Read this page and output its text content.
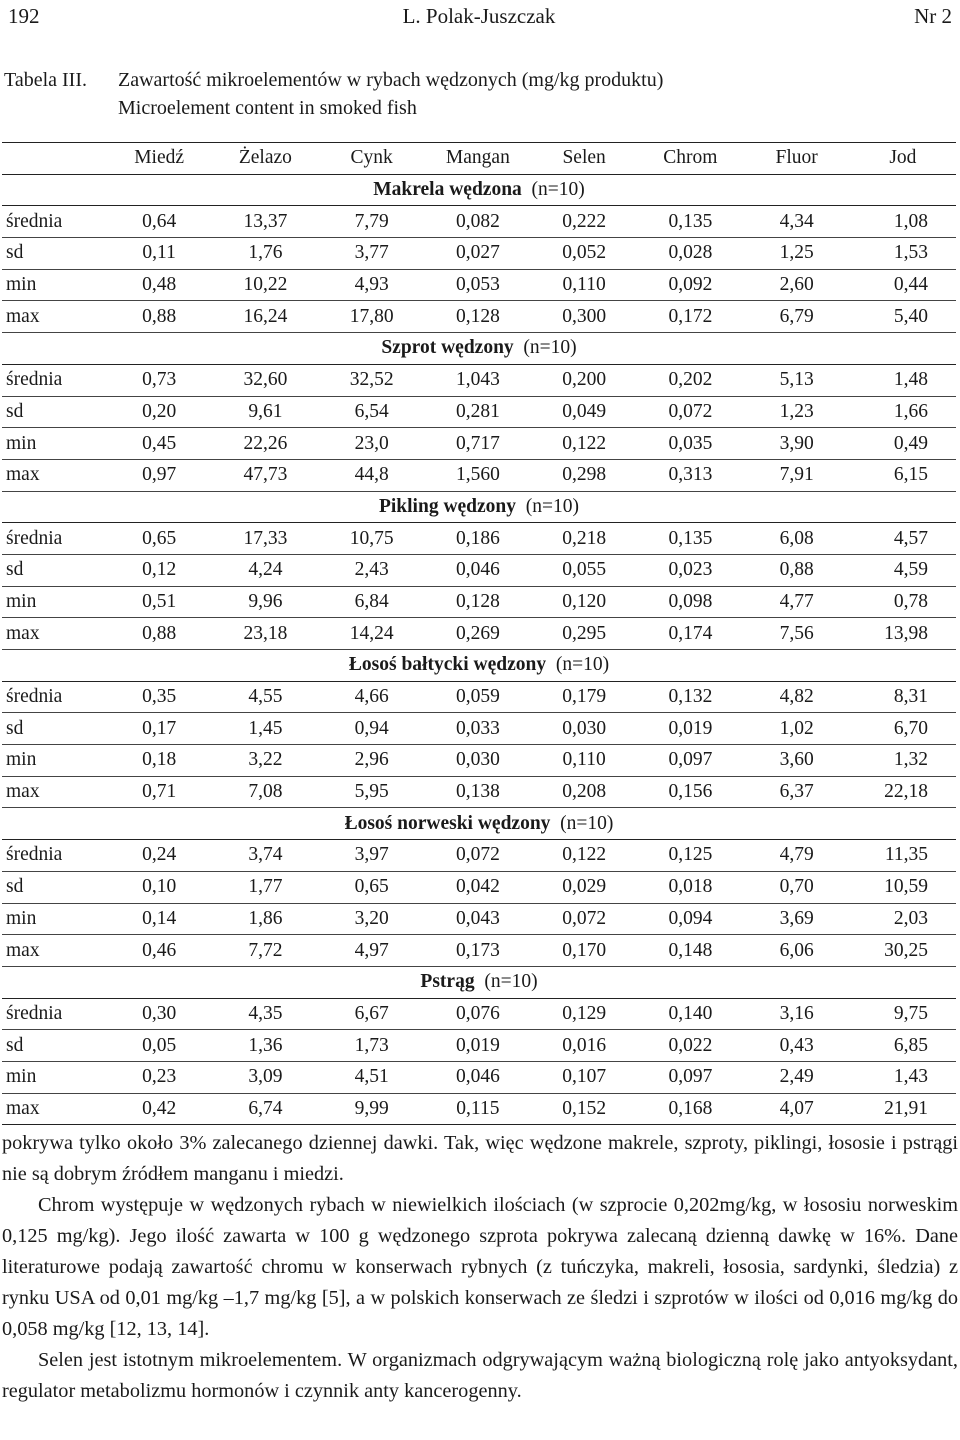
192	L. Polak-Juszczak	Nr 2
Tabela III. Zawartość mikroelementów w rybach wędzonych (mg/kg produktu)
Microelement content in smoked fish
	Miedź	Żelazo	Cynk	Mangan	Selen	Chrom	Fluor	Jod
Makrela wędzona (n=10)								
średnia	0,64	13,37	7,79	0,082	0,222	0,135	4,34	1,08
sd	0,11	1,76	3,77	0,027	0,052	0,028	1,25	1,53
min	0,48	10,22	4,93	0,053	0,110	0,092	2,60	0,44
max	0,88	16,24	17,80	0,128	0,300	0,172	6,79	5,40
Szprot wędzony (n=10)								
średnia	0,73	32,60	32,52	1,043	0,200	0,202	5,13	1,48
sd	0,20	9,61	6,54	0,281	0,049	0,072	1,23	1,66
min	0,45	22,26	23,0	0,717	0,122	0,035	3,90	0,49
max	0,97	47,73	44,8	1,560	0,298	0,313	7,91	6,15
Pikling wędzony (n=10)								
średnia	0,65	17,33	10,75	0,186	0,218	0,135	6,08	4,57
sd	0,12	4,24	2,43	0,046	0,055	0,023	0,88	4,59
min	0,51	9,96	6,84	0,128	0,120	0,098	4,77	0,78
max	0,88	23,18	14,24	0,269	0,295	0,174	7,56	13,98
Łosoś bałtycki wędzony (n=10)								
średnia	0,35	4,55	4,66	0,059	0,179	0,132	4,82	8,31
sd	0,17	1,45	0,94	0,033	0,030	0,019	1,02	6,70
min	0,18	3,22	2,96	0,030	0,110	0,097	3,60	1,32
max	0,71	7,08	5,95	0,138	0,208	0,156	6,37	22,18
Łosoś norweski wędzony (n=10)								
średnia	0,24	3,74	3,97	0,072	0,122	0,125	4,79	11,35
sd	0,10	1,77	0,65	0,042	0,029	0,018	0,70	10,59
min	0,14	1,86	3,20	0,043	0,072	0,094	3,69	2,03
max	0,46	7,72	4,97	0,173	0,170	0,148	6,06	30,25
Pstrąg (n=10)								
średnia	0,30	4,35	6,67	0,076	0,129	0,140	3,16	9,75
sd	0,05	1,36	1,73	0,019	0,016	0,022	0,43	6,85
min	0,23	3,09	4,51	0,046	0,107	0,097	2,49	1,43
max	0,42	6,74	9,99	0,115	0,152	0,168	4,07	21,91

pokrywa tylko około 3% zalecanego dziennej dawki. Tak, więc wędzone makrele, szproty, piklingi, łososie i pstrągi nie są dobrym źródłem manganu i miedzi.

Chrom występuje w wędzonych rybach w niewielkich ilościach (w szprocie 0,202mg/kg, w łososiu norweskim 0,125 mg/kg). Jego ilość zawarta w 100 g wędzonego szprota pokrywa zalecaną dzienną dawkę w 16%. Dane literaturowe podają zawartość chromu w konserwach rybnych (z tuńczyka, makreli, łososia, sardynki, śledzia) z rynku USA od 0,01 mg/kg –1,7 mg/kg [5], a w polskich konserwach ze śledzi i szprotów w ilości od 0,016 mg/kg do 0,058 mg/kg [12, 13, 14].

Selen jest istotnym mikroelementem. W organizmach odgrywającym ważną biologiczną rolę jako antyoksydant, regulator metabolizmu hormonów i czynnik anty kancerogenny.
